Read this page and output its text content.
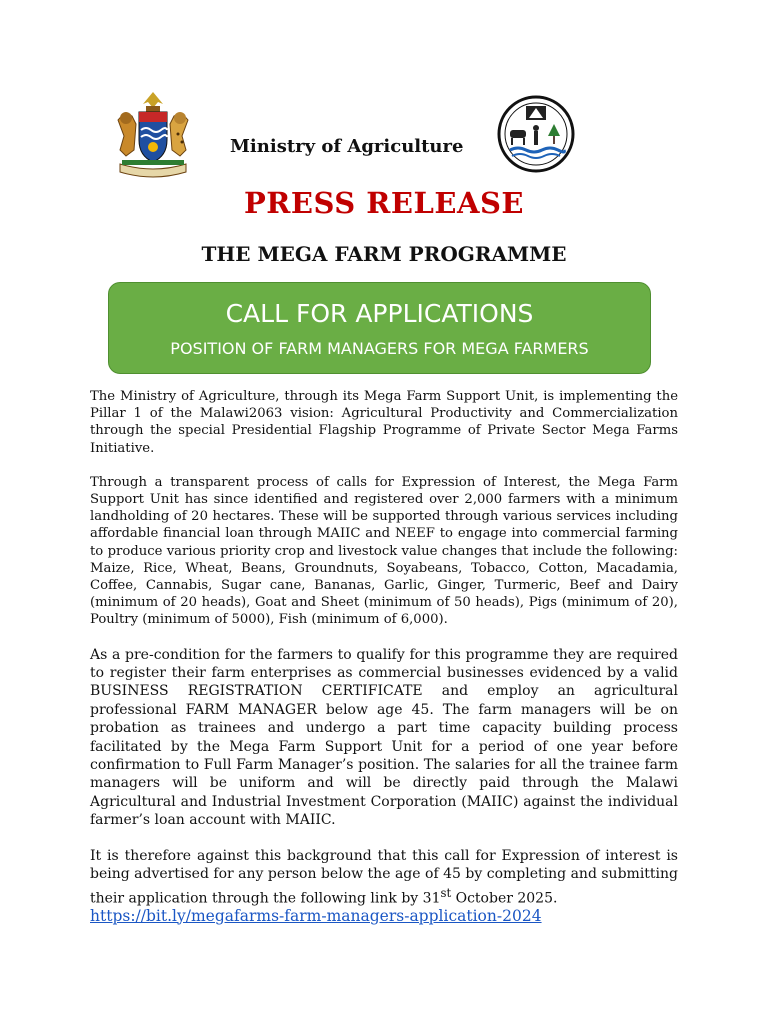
Ministry of Agriculture
PRESS RELEASE
THE MEGA FARM PROGRAMME
CALL FOR APPLICATIONS
POSITION OF FARM MANAGERS FOR MEGA FARMERS

The Ministry of Agriculture, through its Mega Farm Support Unit, is implementing the Pillar 1 of the Malawi2063 vision: Agricultural Productivity and Commercialization through the special Presidential Flagship Programme of Private Sector Mega Farms Initiative.

Through a transparent process of calls for Expression of Interest, the Mega Farm Support Unit has since identified and registered over 2,000 farmers with a minimum landholding of 20 hectares. These will be supported through various services including affordable financial loan through MAIIC and NEEF to engage into commercial farming to produce various priority crop and livestock value changes that include the following: Maize, Rice, Wheat, Beans, Groundnuts, Soyabeans, Tobacco, Cotton, Macadamia, Coffee, Cannabis, Sugar cane, Bananas, Garlic, Ginger, Turmeric, Beef and Dairy (minimum of 20 heads), Goat and Sheet (minimum of 50 heads), Pigs (minimum of 20), Poultry (minimum of 5000), Fish (minimum of 6,000).

As a pre-condition for the farmers to qualify for this programme they are required to register their farm enterprises as commercial businesses evidenced by a valid BUSINESS REGISTRATION CERTIFICATE and employ an agricultural professional FARM MANAGER below age 45. The farm managers will be on probation as trainees and undergo a part time capacity building process facilitated by the Mega Farm Support Unit for a period of one year before confirmation to Full Farm Manager’s position. The salaries for all the trainee farm managers will be uniform and will be directly paid through the Malawi Agricultural and Industrial Investment Corporation (MAIIC) against the individual farmer’s loan account with MAIIC.

It is therefore against this background that this call for Expression of interest is being advertised for any person below the age of 45 by completing and submitting their application through the following link by 31st October 2025.

https://bit.ly/megafarms-farm-managers-application-2024
